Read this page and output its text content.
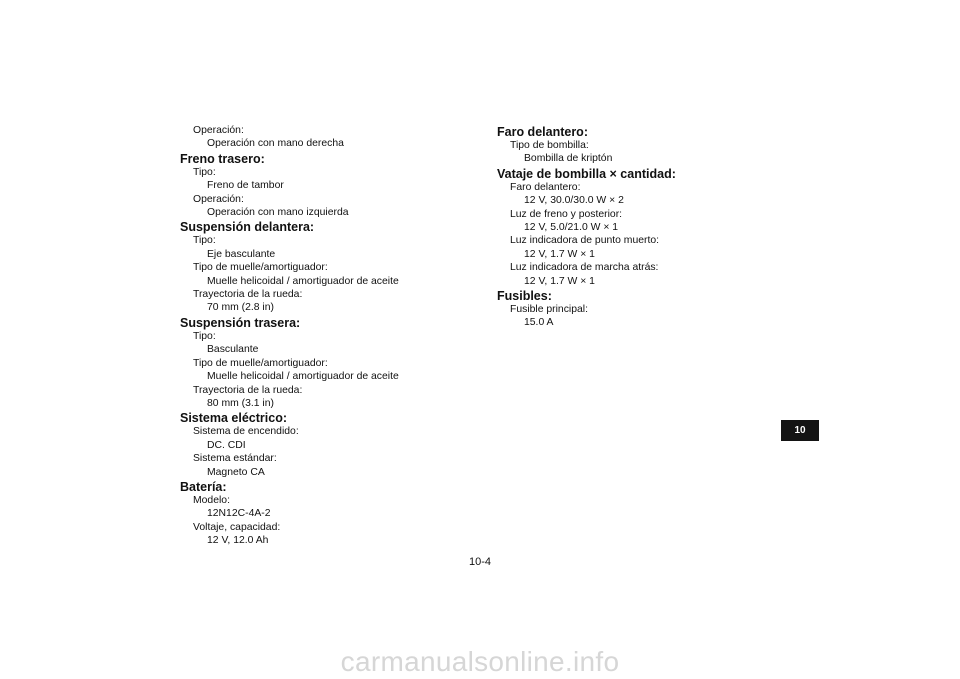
Operación:
Operación con mano derecha
Freno trasero:
Tipo:
Freno de tambor
Operación:
Operación con mano izquierda
Suspensión delantera:
Tipo:
Eje basculante
Tipo de muelle/amortiguador:
Muelle helicoidal / amortiguador de aceite
Trayectoria de la rueda:
70 mm (2.8 in)
Suspensión trasera:
Tipo:
Basculante
Tipo de muelle/amortiguador:
Muelle helicoidal / amortiguador de aceite
Trayectoria de la rueda:
80 mm (3.1 in)
Sistema eléctrico:
Sistema de encendido:
DC. CDI
Sistema estándar:
Magneto CA
Batería:
Modelo:
12N12C-4A-2
Voltaje, capacidad:
12 V, 12.0 Ah
Faro delantero:
Tipo de bombilla:
Bombilla de kriptón
Vataje de bombilla × cantidad:
Faro delantero:
12 V, 30.0/30.0 W × 2
Luz de freno y posterior:
12 V, 5.0/21.0 W × 1
Luz indicadora de punto muerto:
12 V, 1.7 W × 1
Luz indicadora de marcha atrás:
12 V, 1.7 W × 1
Fusibles:
Fusible principal:
15.0 A
10-4
10
carmanualsonline.info
